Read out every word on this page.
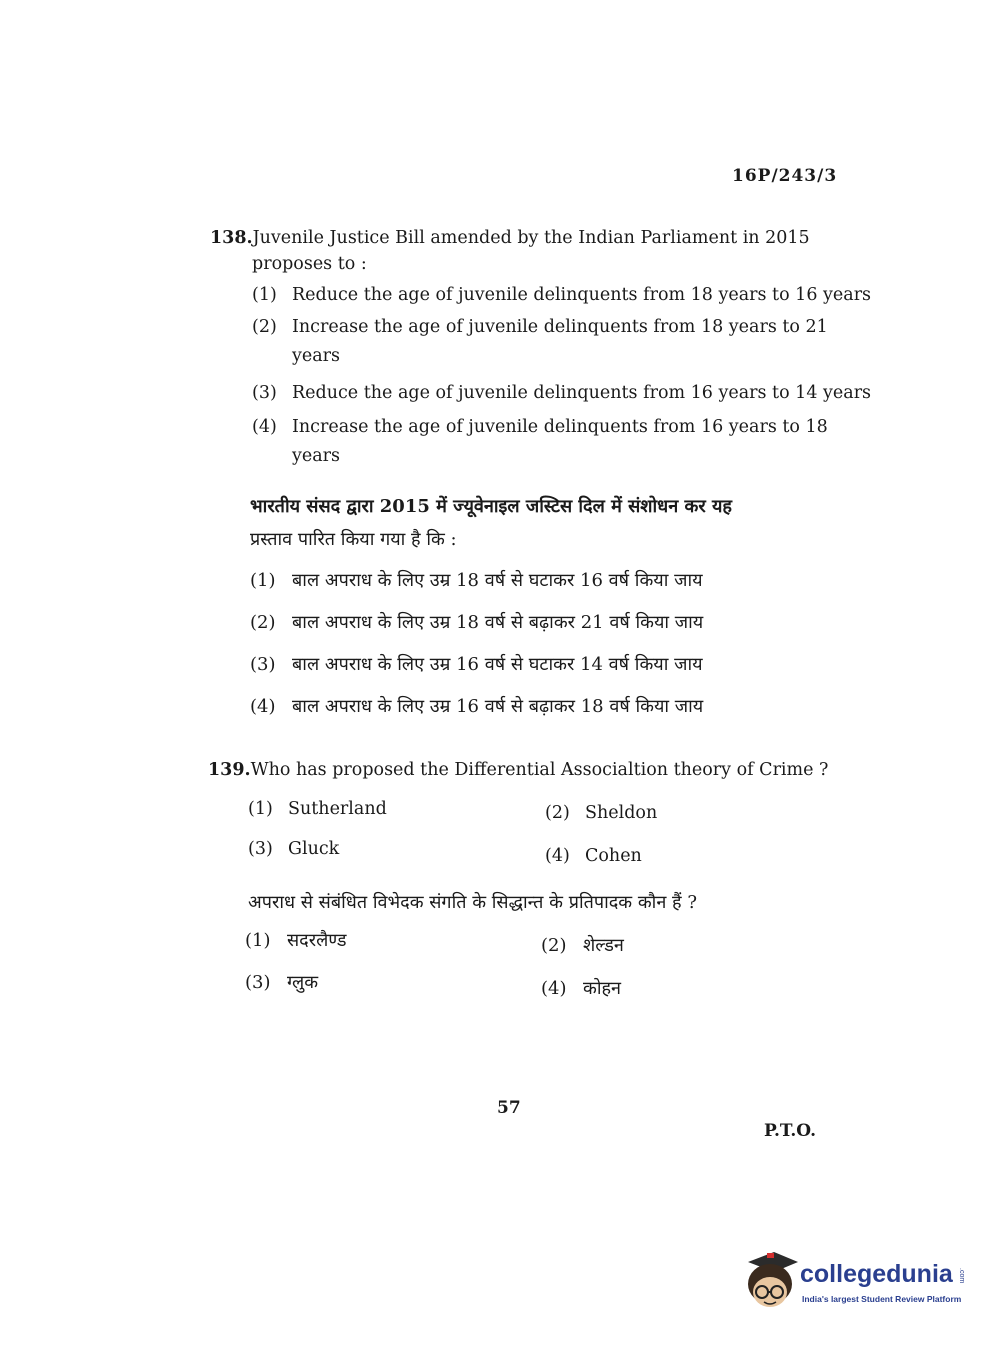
16P/243/3
138.Juvenile Justice Bill amended by the Indian Parliament in 2015
proposes to :
(1) Reduce the age of juvenile delinquents from 18 years to 16 years
(2) Increase the age of juvenile delinquents from 18 years to 21
years
(3) Reduce the age of juvenile delinquents from 16 years to 14 years
(4) Increase the age of juvenile delinquents from 16 years to 18
years
भारतीय संसद द्वारा 2015 में ज्यूवेनाइल जस्टिस दिल में संशोधन कर यह
प्रस्ताव पारित किया गया है कि :
(1) बाल अपराध के लिए उम्र 18 वर्ष से घटाकर 16 वर्ष किया जाय
(2) बाल अपराध के लिए उम्र 18 वर्ष से बढ़ाकर 21 वर्ष किया जाय
(3) बाल अपराध के लिए उम्र 16 वर्ष से घटाकर 14 वर्ष किया जाय
(4) बाल अपराध के लिए उम्र 16 वर्ष से बढ़ाकर 18 वर्ष किया जाय
139.Who has proposed the Differential Associaltion theory of Crime ?
(1) Sutherland	(2) Sheldon
(3) Gluck	(4) Cohen
अपराध से संबंधित विभेदक संगति के सिद्धान्त के प्रतिपादक कौन हैं ?
(1) सदरलैण्ड	(2) शेल्डन
(3) ग्लुक	(4) कोहन
57
P.T.O.
collegedunia .com
India's largest Student Review Platform
